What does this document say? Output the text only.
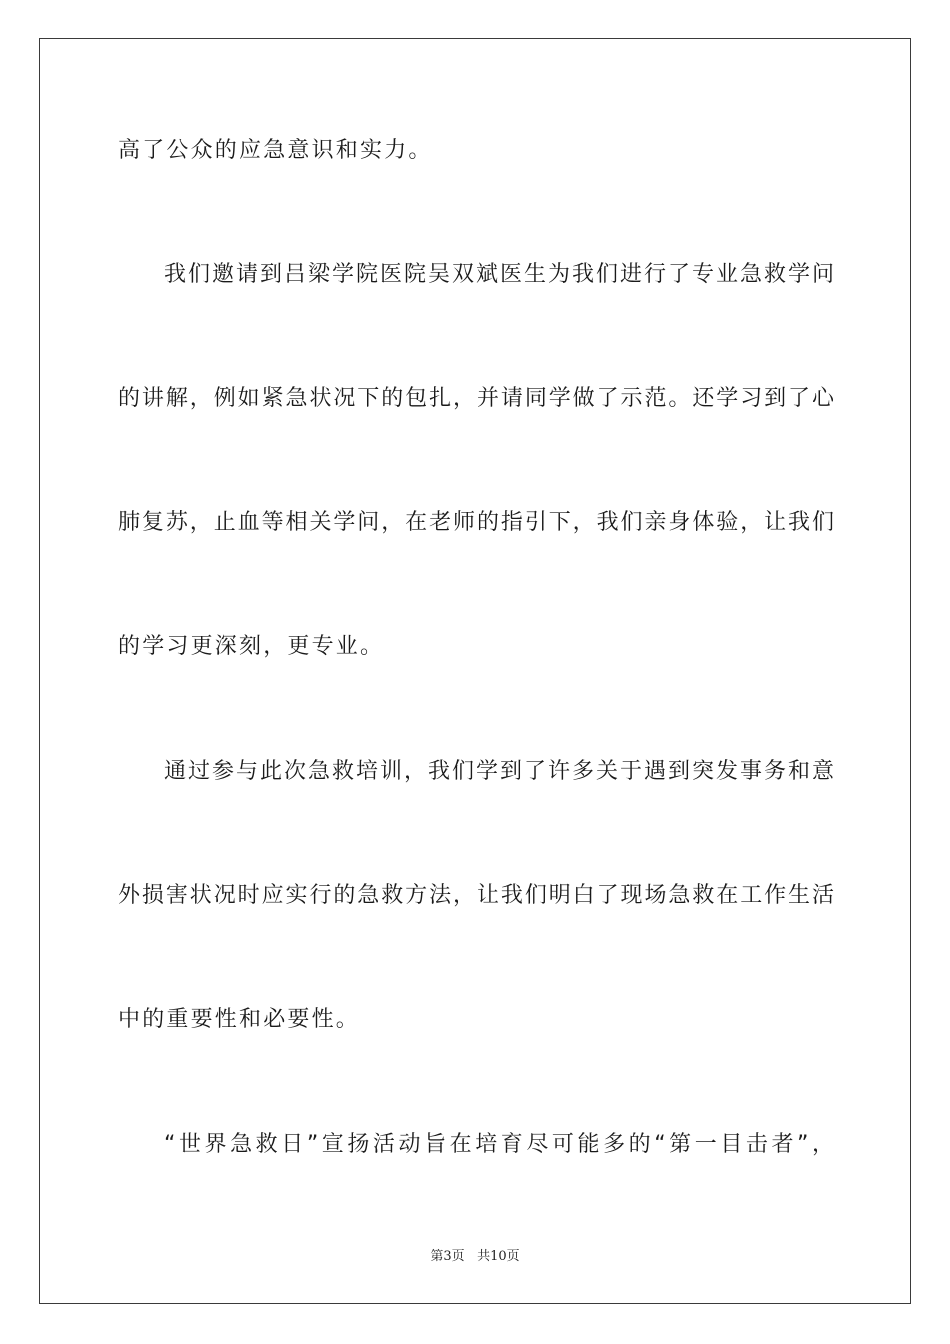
高了公众的应急意识和实力。
我们邀请到吕梁学院医院吴双斌医生为我们进行了专业急救学问
的讲解，例如紧急状况下的包扎，并请同学做了示范。还学习到了心
肺复苏，止血等相关学问，在老师的指引下，我们亲身体验，让我们
的学习更深刻，更专业。
通过参与此次急救培训，我们学到了许多关于遇到突发事务和意
外损害状况时应实行的急救方法，让我们明白了现场急救在工作生活
中的重要性和必要性。
“世界急救日”宣扬活动旨在培育尽可能多的“第一目击者”，
第3页 共10页
